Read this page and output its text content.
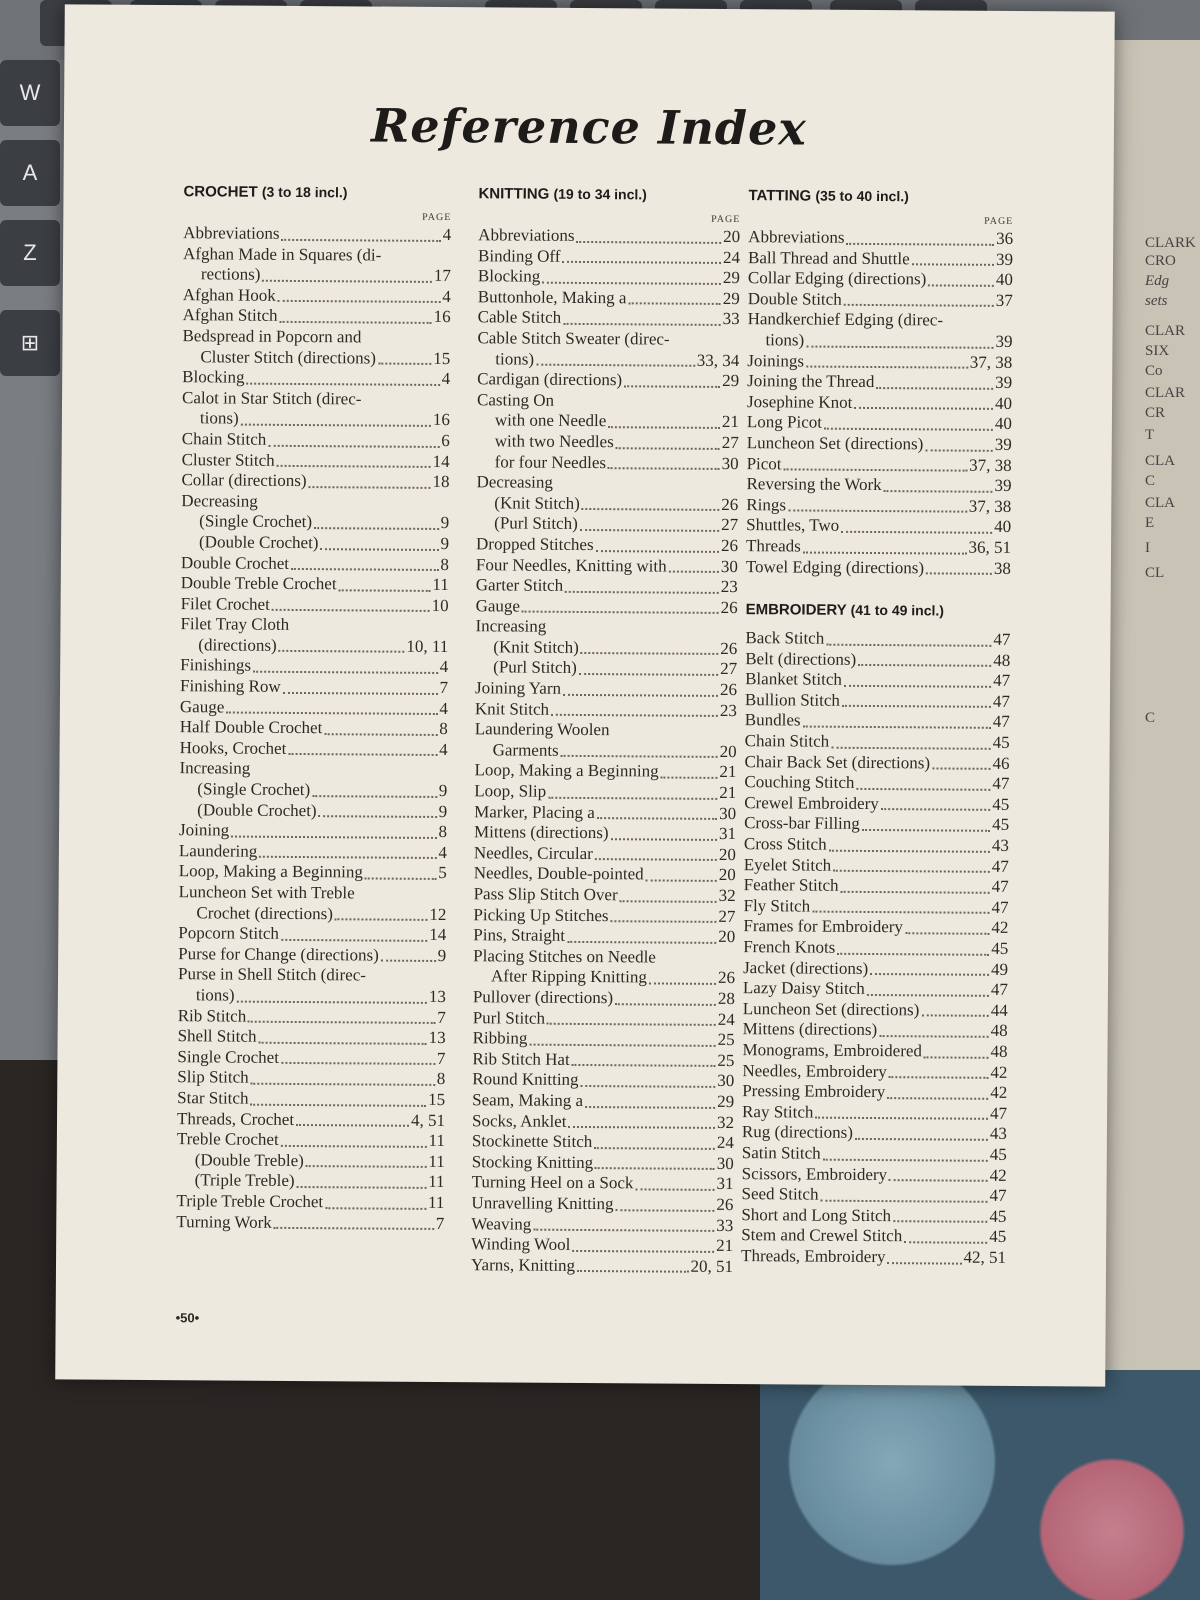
W
A
Z
⊞
CLARK
CRO
Edg
sets
CLAR
SIX
Co
CLAR
CR
T
CLA
C
CLA
E
I
CL
C
Reference Index
CROCHET (3 to 18 incl.)
PAGE
Abbreviations	4
Afghan Made in Squares (di-
rections)	17
Afghan Hook	4
Afghan Stitch	16
Bedspread in Popcorn and
Cluster Stitch (directions)	15
Blocking	4
Calot in Star Stitch (direc-
tions)	16
Chain Stitch	6
Cluster Stitch	14
Collar (directions)	18
Decreasing
(Single Crochet)	9
(Double Crochet)	9
Double Crochet	8
Double Treble Crochet	11
Filet Crochet	10
Filet Tray Cloth
(directions)	10, 11
Finishings	4
Finishing Row	7
Gauge	4
Half Double Crochet	8
Hooks, Crochet	4
Increasing
(Single Crochet)	9
(Double Crochet)	9
Joining	8
Laundering	4
Loop, Making a Beginning	5
Luncheon Set with Treble
Crochet (directions)	12
Popcorn Stitch	14
Purse for Change (directions)	9
Purse in Shell Stitch (direc-
tions)	13
Rib Stitch	7
Shell Stitch	13
Single Crochet	7
Slip Stitch	8
Star Stitch	15
Threads, Crochet	4, 51
Treble Crochet	11
(Double Treble)	11
(Triple Treble)	11
Triple Treble Crochet	11
Turning Work	7
KNITTING (19 to 34 incl.)
PAGE
Abbreviations	20
Binding Off	24
Blocking	29
Buttonhole, Making a	29
Cable Stitch	33
Cable Stitch Sweater (direc-
tions)	33, 34
Cardigan (directions)	29
Casting On
with one Needle	21
with two Needles	27
for four Needles	30
Decreasing
(Knit Stitch)	26
(Purl Stitch)	27
Dropped Stitches	26
Four Needles, Knitting with	30
Garter Stitch	23
Gauge	26
Increasing
(Knit Stitch)	26
(Purl Stitch)	27
Joining Yarn	26
Knit Stitch	23
Laundering Woolen
Garments	20
Loop, Making a Beginning	21
Loop, Slip	21
Marker, Placing a	30
Mittens (directions)	31
Needles, Circular	20
Needles, Double-pointed	20
Pass Slip Stitch Over	32
Picking Up Stitches	27
Pins, Straight	20
Placing Stitches on Needle
After Ripping Knitting	26
Pullover (directions)	28
Purl Stitch	24
Ribbing	25
Rib Stitch Hat	25
Round Knitting	30
Seam, Making a	29
Socks, Anklet	32
Stockinette Stitch	24
Stocking Knitting	30
Turning Heel on a Sock	31
Unravelling Knitting	26
Weaving	33
Winding Wool	21
Yarns, Knitting	20, 51
TATTING (35 to 40 incl.)
PAGE
Abbreviations	36
Ball Thread and Shuttle	39
Collar Edging (directions)	40
Double Stitch	37
Handkerchief Edging (direc-
tions)	39
Joinings	37, 38
Joining the Thread	39
Josephine Knot	40
Long Picot	40
Luncheon Set (directions)	39
Picot	37, 38
Reversing the Work	39
Rings	37, 38
Shuttles, Two	40
Threads	36, 51
Towel Edging (directions)	38
EMBROIDERY (41 to 49 incl.)
Back Stitch	47
Belt (directions)	48
Blanket Stitch	47
Bullion Stitch	47
Bundles	47
Chain Stitch	45
Chair Back Set (directions)	46
Couching Stitch	47
Crewel Embroidery	45
Cross-bar Filling	45
Cross Stitch	43
Eyelet Stitch	47
Feather Stitch	47
Fly Stitch	47
Frames for Embroidery	42
French Knots	45
Jacket (directions)	49
Lazy Daisy Stitch	47
Luncheon Set (directions)	44
Mittens (directions)	48
Monograms, Embroidered	48
Needles, Embroidery	42
Pressing Embroidery	42
Ray Stitch	47
Rug (directions)	43
Satin Stitch	45
Scissors, Embroidery	42
Seed Stitch	47
Short and Long Stitch	45
Stem and Crewel Stitch	45
Threads, Embroidery	42, 51
•50•
